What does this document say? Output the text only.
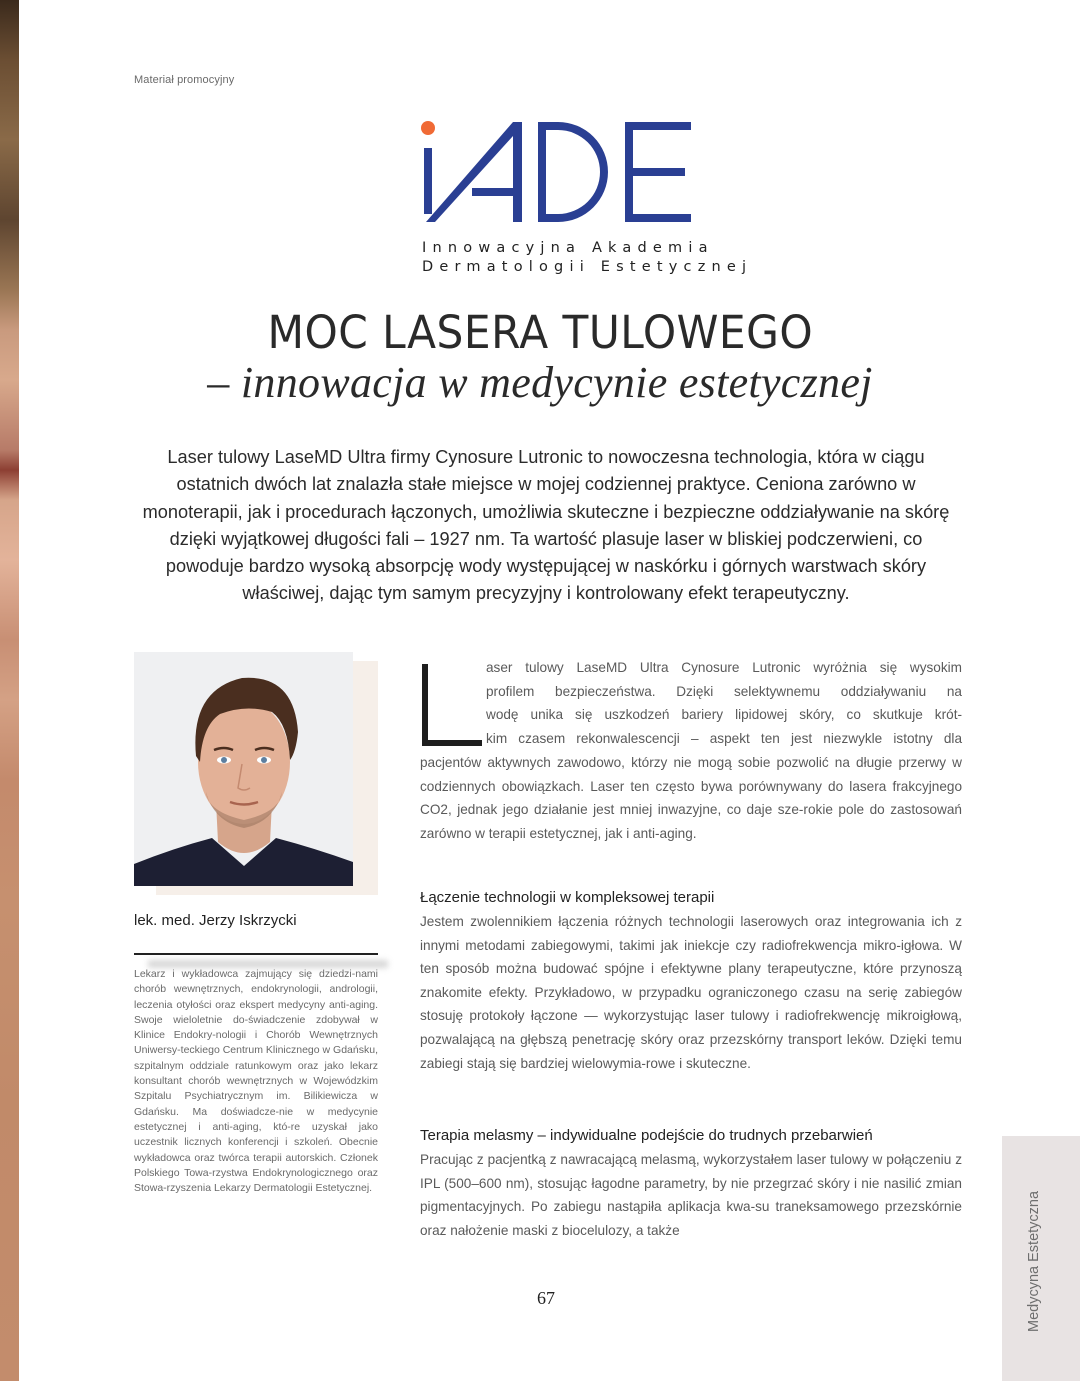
Materiał promocyjny
Innowacyjna Akademia
Dermatologii Estetycznej
MOC LASERA TULOWEGO
– innowacja w medycynie estetycznej
Laser tulowy LaseMD Ultra firmy Cynosure Lutronic to nowoczesna technologia, która w ciągu ostatnich dwóch lat znalazła stałe miejsce w mojej codziennej praktyce. Ceniona zarówno w monoterapii, jak i procedurach łączonych, umożliwia skuteczne i bezpieczne oddziaływanie na skórę dzięki wyjątkowej długości fali – 1927 nm. Ta wartość plasuje laser w bliskiej podczerwieni, co powoduje bardzo wysoką absorpcję wody występującej w naskórku i górnych warstwach skóry właściwej, dając tym samym precyzyjny i kontrolowany efekt terapeutyczny.
lek. med. Jerzy Iskrzycki
Lekarz i wykładowca zajmujący się dziedzi-nami chorób wewnętrznych, endokrynologii, andrologii, leczenia otyłości oraz ekspert medycyny anti-aging. Swoje wieloletnie do-świadczenie zdobywał w Klinice Endokry-nologii i Chorób Wewnętrznych Uniwersy-teckiego Centrum Klinicznego w Gdańsku, szpitalnym oddziale ratunkowym oraz jako lekarz konsultant chorób wewnętrznych w Wojewódzkim Szpitalu Psychiatrycznym im. Bilikiewicza w Gdańsku. Ma doświadcze-nie w medycynie estetycznej i anti-aging, któ-re uzyskał jako uczestnik licznych konferencji i szkoleń. Obecnie wykładowca oraz twórca terapii autorskich. Członek Polskiego Towa-rzystwa Endokrynologicznego oraz Stowa-rzyszenia Lekarzy Dermatologii Estetycznej.

aser tulowy LaseMD Ultra Cynosure Lutronic wyróżnia się wysokim

profilem bezpieczeństwa. Dzięki selektywnemu oddziaływaniu na

wodę unika się uszkodzeń bariery lipidowej skóry, co skutkuje krót-

kim czasem rekonwalescencji – aspekt ten jest niezwykle istotny dla

pacjentów aktywnych zawodowo, którzy nie mogą sobie pozwolić na długie przerwy w codziennych obowiązkach. Laser ten często bywa porównywany do lasera frakcyjnego CO2, jednak jego działanie jest mniej inwazyjne, co daje sze-rokie pole do zastosowań zarówno w terapii estetycznej, jak i anti-aging.

Łączenie technologii w kompleksowej terapii

Jestem zwolennikiem łączenia różnych technologii laserowych oraz integrowania ich z innymi metodami zabiegowymi, takimi jak iniekcje czy radiofrekwencja mikro-igłowa. W ten sposób można budować spójne i efektywne plany terapeutyczne, które przynoszą znakomite efekty. Przykładowo, w przypadku ograniczonego czasu na serię zabiegów stosuję protokoły łączone — wykorzystując laser tulowy i radiofrekwencję mikroigłową, pozwalającą na głębszą penetrację skóry oraz przezskórny transport leków. Dzięki temu zabiegi stają się bardziej wielowymia-rowe i skuteczne.

Terapia melasmy – indywidualne podejście do trudnych przebarwień

Pracując z pacjentką z nawracającą melasmą, wykorzystałem laser tulowy w połączeniu z IPL (500–600 nm), stosując łagodne parametry, by nie przegrzać skóry i nie nasilić zmian pigmentacyjnych. Po zabiegu nastąpiła aplikacja kwa-su traneksamowego przezskórnie oraz nałożenie maski z biocelulozy, a także	Medycyna Estetyczna
67
